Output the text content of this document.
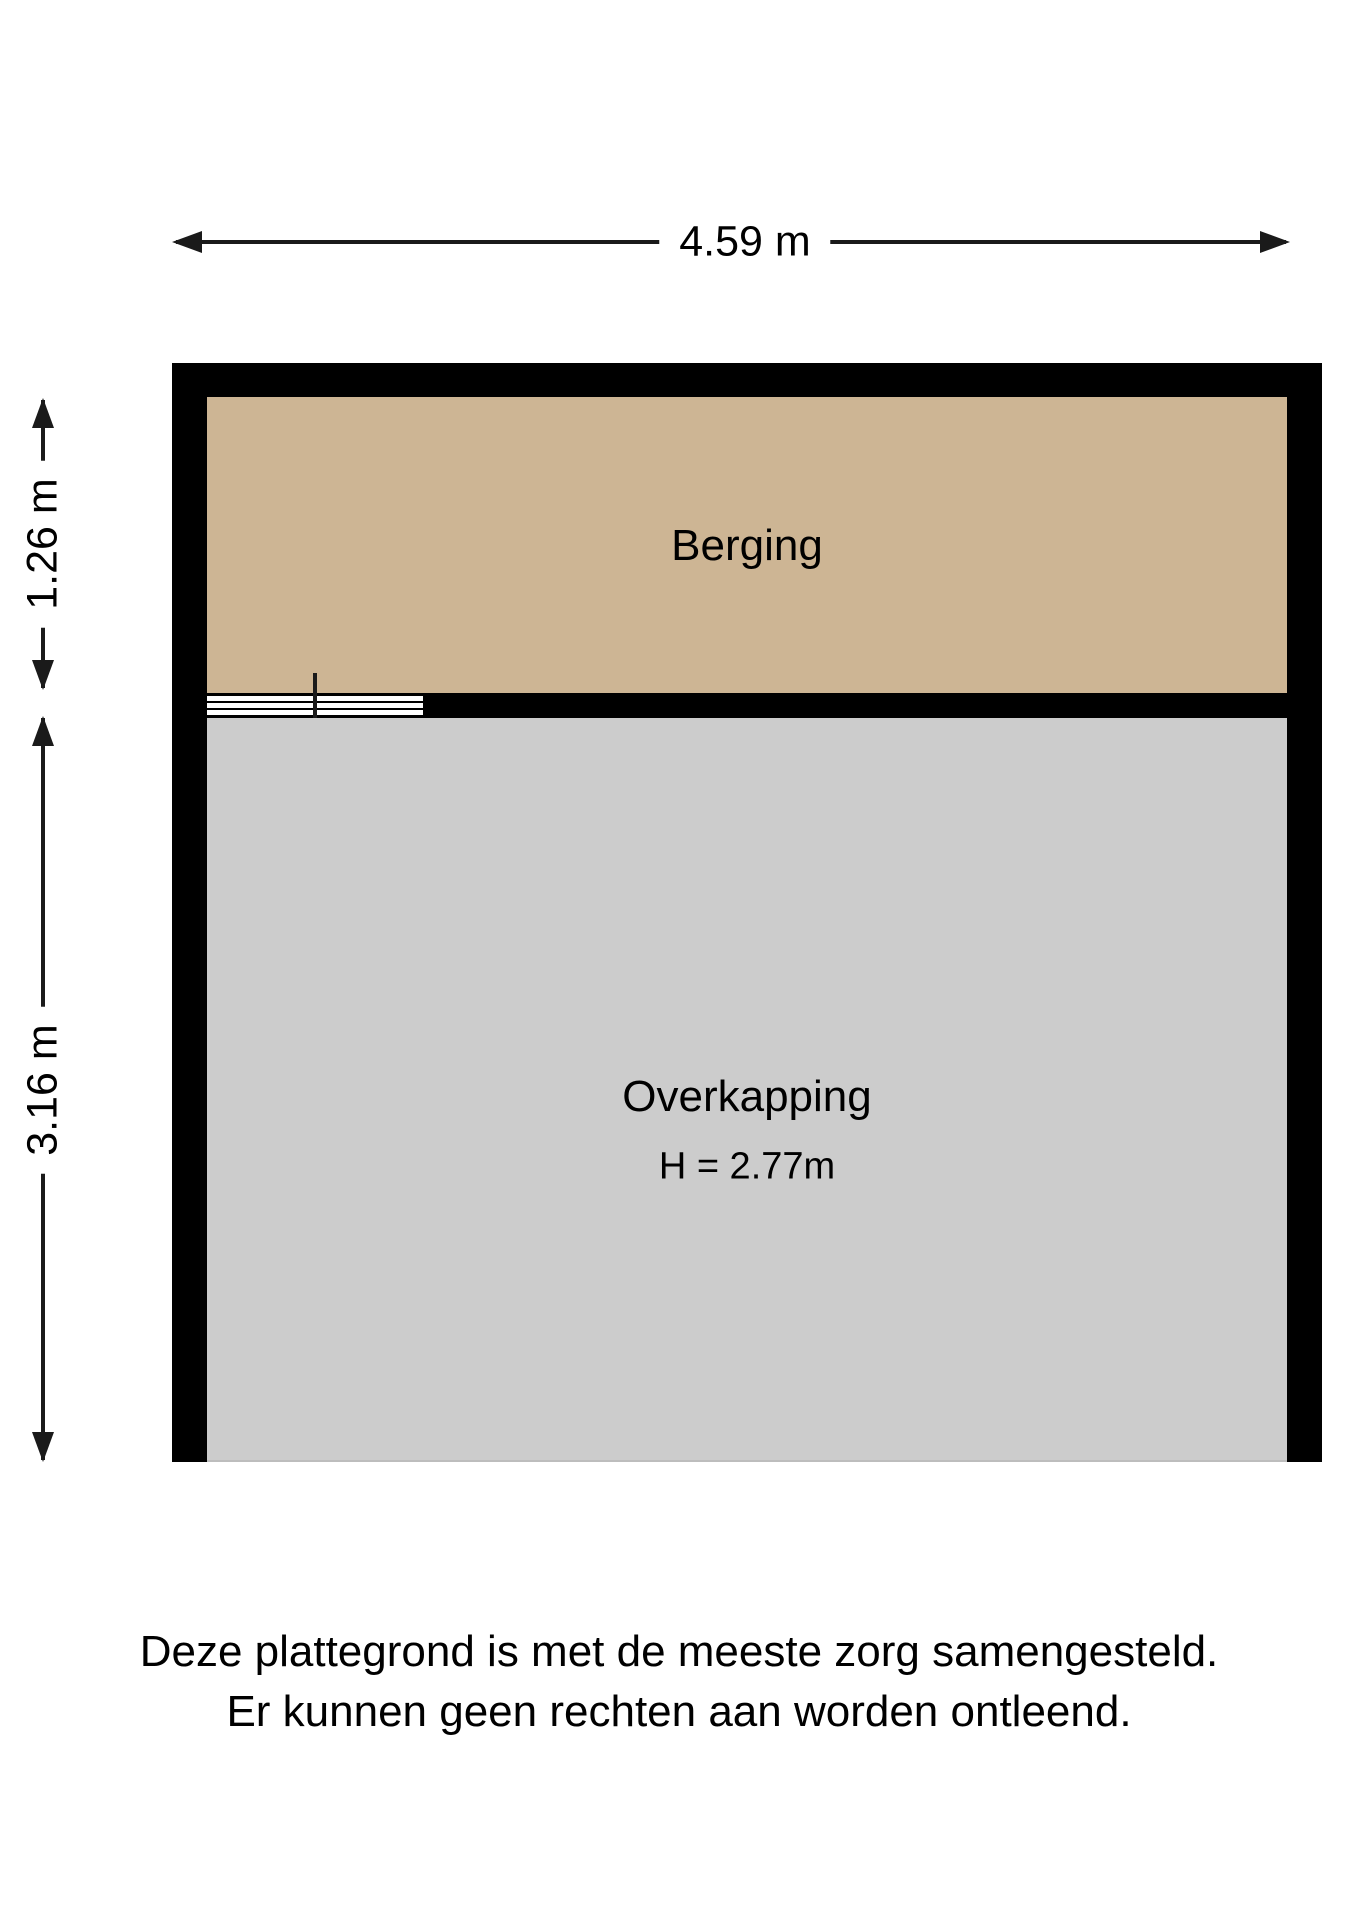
4.59 m
1.26 m
3.16 m
Berging
Overkapping
H = 2.77m
Deze plattegrond is met de meeste zorg samengesteld.
Er kunnen geen rechten aan worden ontleend.
